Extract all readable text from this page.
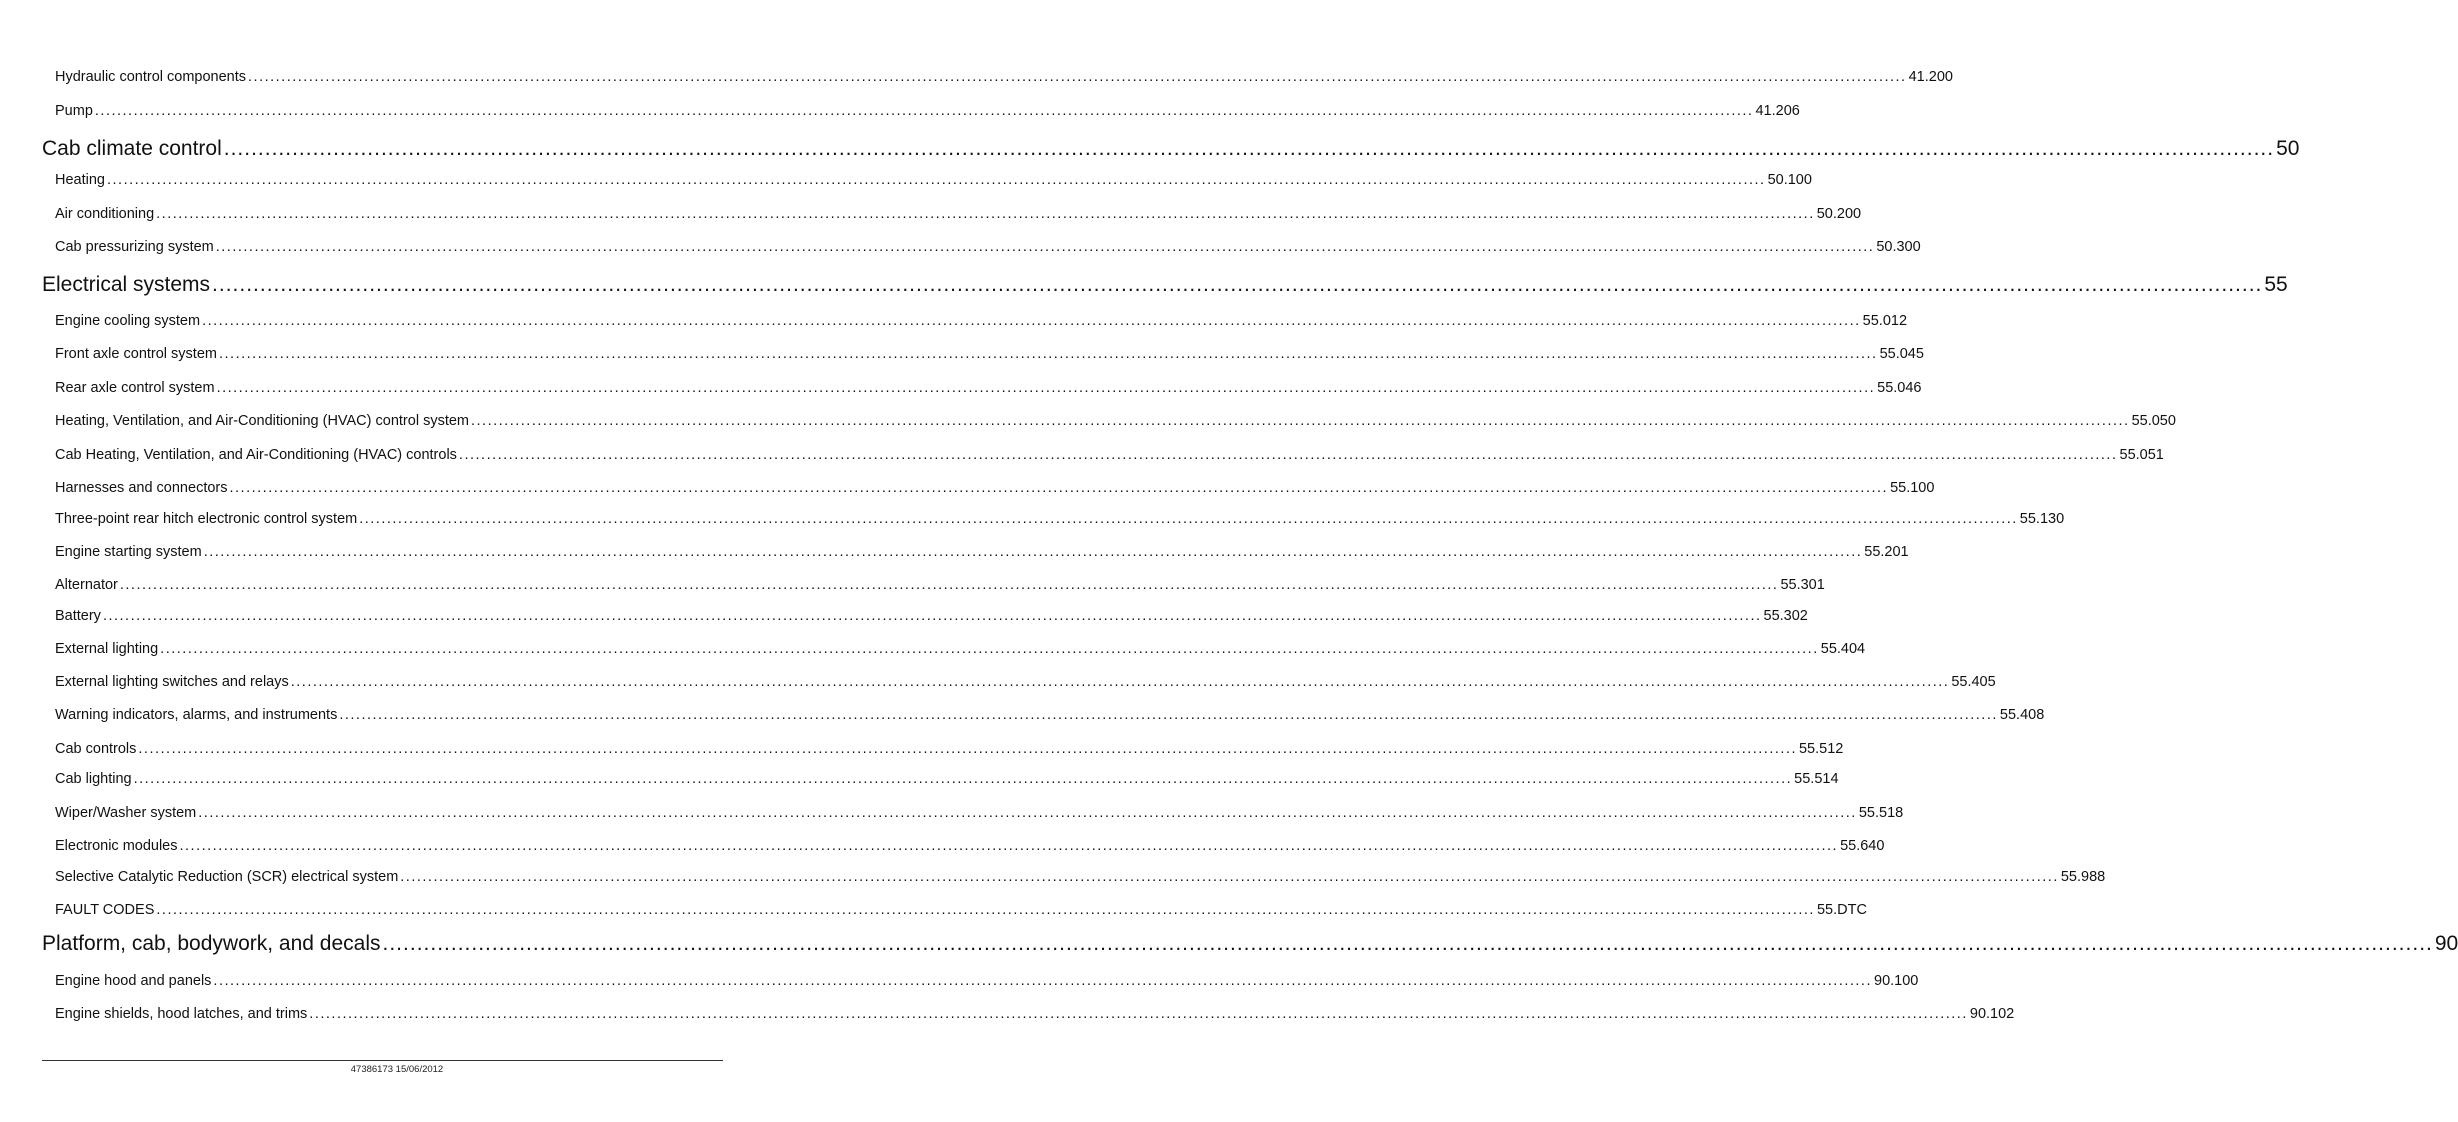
Hydraulic control components ............................................................................................................................................................................................................................................................................................................ 41.200
Pump ............................................................................................................................................................................................................................................................................................................ 41.206
Cab climate control ............................................................................................................................................................................................................................................................................................................ 50
Heating ............................................................................................................................................................................................................................................................................................................ 50.100
Air conditioning ............................................................................................................................................................................................................................................................................................................ 50.200
Cab pressurizing system ............................................................................................................................................................................................................................................................................................................ 50.300
Electrical systems ............................................................................................................................................................................................................................................................................................................ 55
Engine cooling system ............................................................................................................................................................................................................................................................................................................ 55.012
Front axle control system ............................................................................................................................................................................................................................................................................................................ 55.045
Rear axle control system ............................................................................................................................................................................................................................................................................................................ 55.046
Heating, Ventilation, and Air-Conditioning (HVAC) control system ............................................................................................................................................................................................................................................................................................................ 55.050
Cab Heating, Ventilation, and Air-Conditioning (HVAC) controls ............................................................................................................................................................................................................................................................................................................ 55.051
Harnesses and connectors ............................................................................................................................................................................................................................................................................................................ 55.100
Three-point rear hitch electronic control system ............................................................................................................................................................................................................................................................................................................ 55.130
Engine starting system ............................................................................................................................................................................................................................................................................................................ 55.201
Alternator ............................................................................................................................................................................................................................................................................................................ 55.301
Battery ............................................................................................................................................................................................................................................................................................................ 55.302
External lighting ............................................................................................................................................................................................................................................................................................................ 55.404
External lighting switches and relays ............................................................................................................................................................................................................................................................................................................ 55.405
Warning indicators, alarms, and instruments ............................................................................................................................................................................................................................................................................................................ 55.408
Cab controls ............................................................................................................................................................................................................................................................................................................ 55.512
Cab lighting ............................................................................................................................................................................................................................................................................................................ 55.514
Wiper/Washer system ............................................................................................................................................................................................................................................................................................................ 55.518
Electronic modules ............................................................................................................................................................................................................................................................................................................ 55.640
Selective Catalytic Reduction (SCR) electrical system ............................................................................................................................................................................................................................................................................................................ 55.988
FAULT CODES ............................................................................................................................................................................................................................................................................................................ 55.DTC
Platform, cab, bodywork, and decals ............................................................................................................................................................................................................................................................................................................ 90
Engine hood and panels ............................................................................................................................................................................................................................................................................................................ 90.100
Engine shields, hood latches, and trims ............................................................................................................................................................................................................................................................................................................ 90.102
47386173 15/06/2012
